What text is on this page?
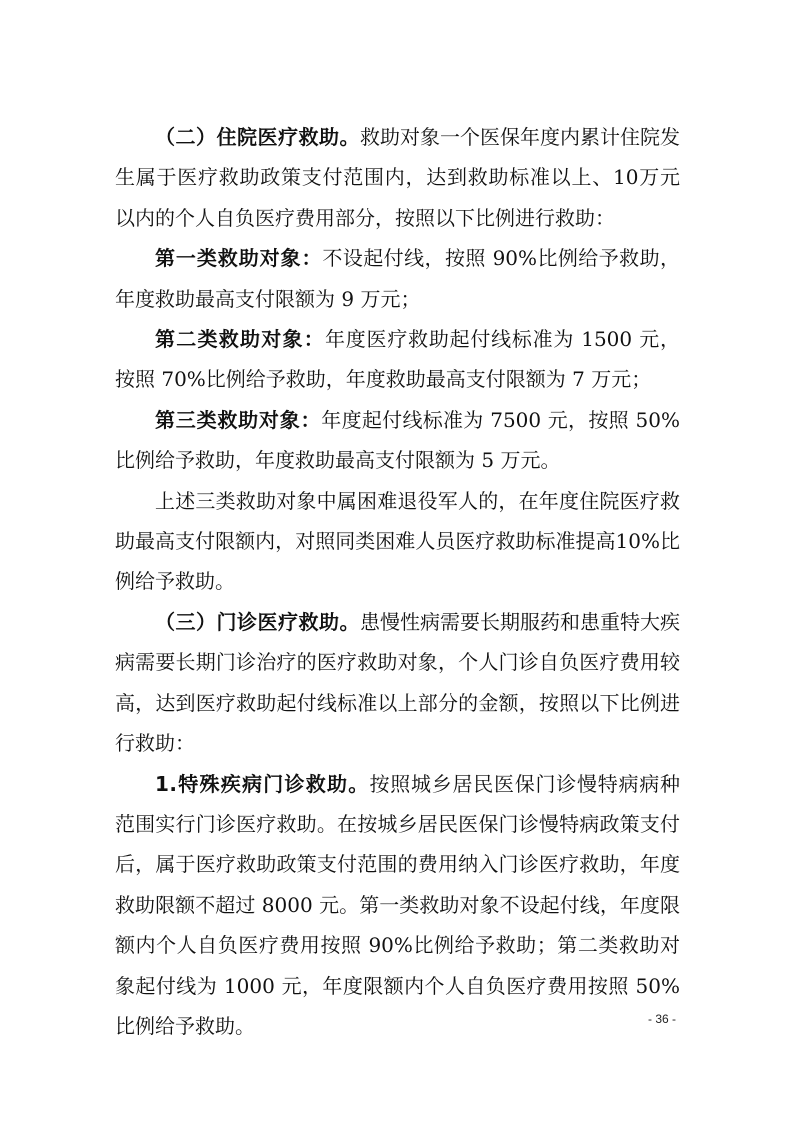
（二）住院医疗救助。救助对象一个医保年度内累计住院发生属于医疗救助政策支付范围内，达到救助标准以上、10万元以内的个人自负医疗费用部分，按照以下比例进行救助：

第一类救助对象：不设起付线，按照 90%比例给予救助，年度救助最高支付限额为 9 万元；

第二类救助对象：年度医疗救助起付线标准为 1500 元，按照 70%比例给予救助，年度救助最高支付限额为 7 万元；

第三类救助对象：年度起付线标准为 7500 元，按照 50%比例给予救助，年度救助最高支付限额为 5 万元。

上述三类救助对象中属困难退役军人的，在年度住院医疗救助最高支付限额内，对照同类困难人员医疗救助标准提高10%比例给予救助。

（三）门诊医疗救助。患慢性病需要长期服药和患重特大疾病需要长期门诊治疗的医疗救助对象，个人门诊自负医疗费用较高，达到医疗救助起付线标准以上部分的金额，按照以下比例进行救助：

1.特殊疾病门诊救助。按照城乡居民医保门诊慢特病病种范围实行门诊医疗救助。在按城乡居民医保门诊慢特病政策支付后，属于医疗救助政策支付范围的费用纳入门诊医疗救助，年度救助限额不超过 8000 元。第一类救助对象不设起付线，年度限额内个人自负医疗费用按照 90%比例给予救助；第二类救助对象起付线为 1000 元，年度限额内个人自负医疗费用按照 50%比例给予救助。	- 36 -
